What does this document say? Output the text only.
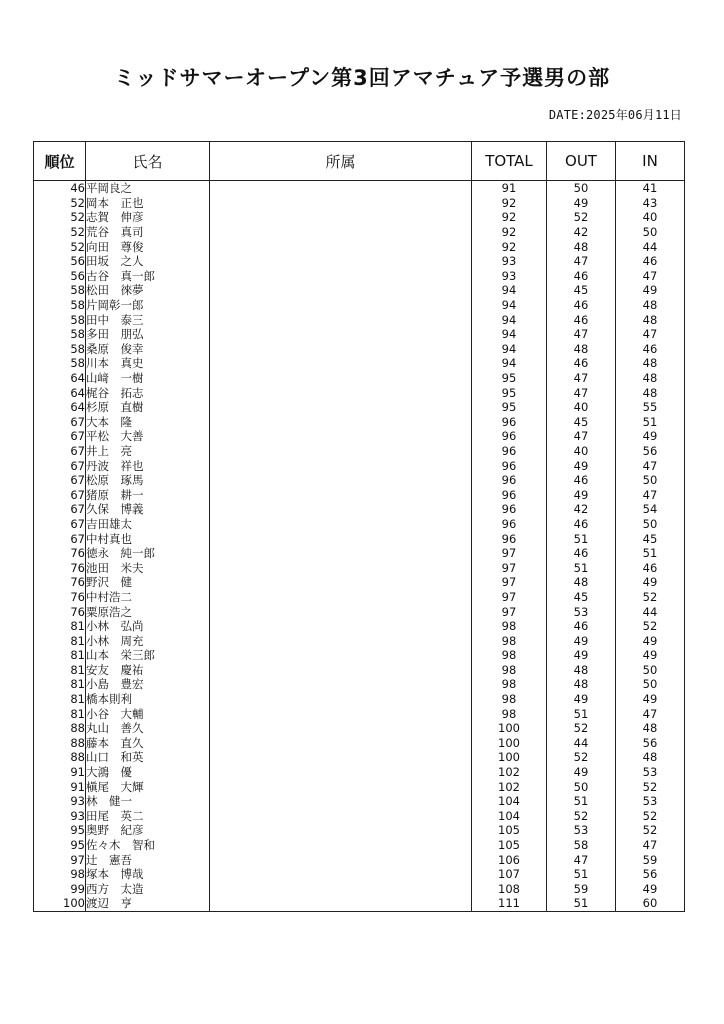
ミッドサマーオープン第3回アマチュア予選男の部
DATE:2025年06月11日
順位	氏名	所属	TOTAL	OUT	IN
46	平岡良之		91	50	41
52	岡本　正也		92	49	43
52	志賀　伸彦		92	52	40
52	荒谷　真司		92	42	50
52	向田　尊俊		92	48	44
56	田坂　之人		93	47	46
56	古谷　真一郎		93	46	47
58	松田　徠夢		94	45	49
58	片岡彰一郎		94	46	48
58	田中　泰三		94	46	48
58	多田　朋弘		94	47	47
58	桑原　俊幸		94	48	46
58	川本　真史		94	46	48
64	山﨑　一樹		95	47	48
64	梶谷　拓志		95	47	48
64	杉原　直樹		95	40	55
67	大本　隆		96	45	51
67	平松　大善		96	47	49
67	井上　亮		96	40	56
67	丹波　祥也		96	49	47
67	松原　琢馬		96	46	50
67	猪原　耕一		96	49	47
67	久保　博義		96	42	54
67	吉田雄太		96	46	50
67	中村真也		96	51	45
76	徳永　純一郎		97	46	51
76	池田　米夫		97	51	46
76	野沢　健		97	48	49
76	中村浩二		97	45	52
76	粟原浩之		97	53	44
81	小林　弘尚		98	46	52
81	小林　周充		98	49	49
81	山本　栄三郎		98	49	49
81	安友　慶祐		98	48	50
81	小島　豊宏		98	48	50
81	橋本則利		98	49	49
81	小谷　大輔		98	51	47
88	丸山　善久		100	52	48
88	藤本　直久		100	44	56
88	山口　和英		100	52	48
91	大鴻　優		102	49	53
91	槇尾　大輝		102	50	52
93	林　健一		104	51	53
93	田尾　英二		104	52	52
95	奥野　紀彦		105	53	52
95	佐々木　智和		105	58	47
97	辻　憲吾		106	47	59
98	塚本　博哉		107	51	56
99	西方　太造		108	59	49
100	渡辺　亨		111	51	60
